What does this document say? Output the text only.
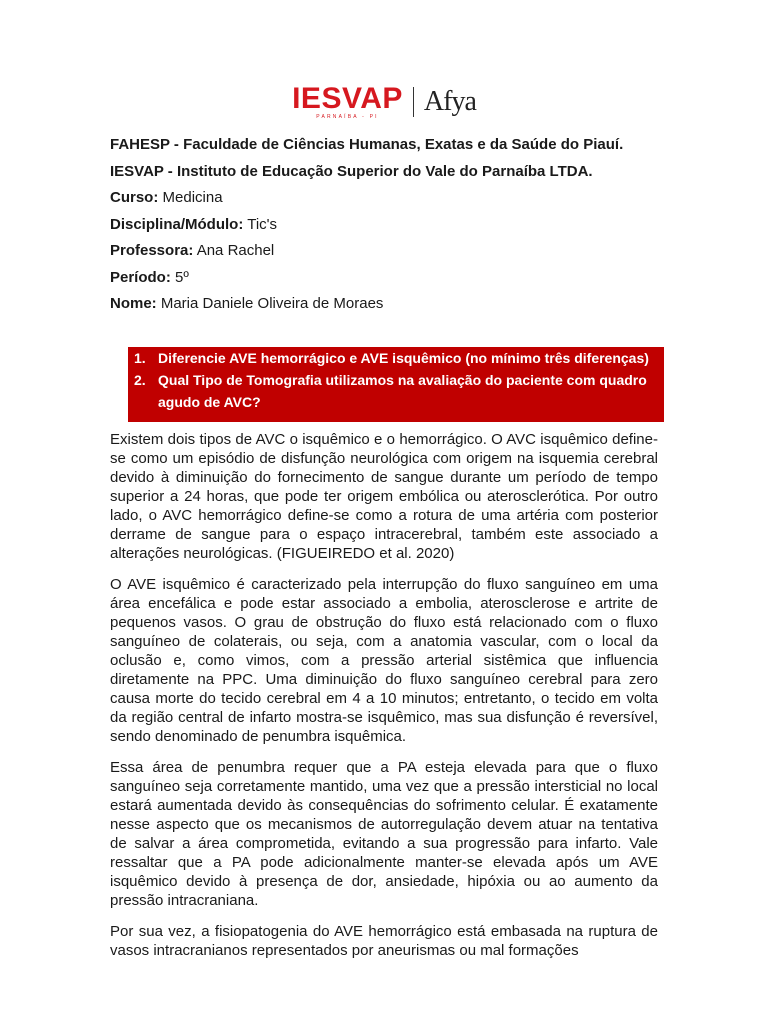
IESVAP
PARNAÍBA - PI Afya

FAHESP - Faculdade de Ciências Humanas, Exatas e da Saúde do Piauí.

IESVAP - Instituto de Educação Superior do Vale do Parnaíba LTDA.

Curso: Medicina

Disciplina/Módulo: Tic's

Professora: Ana Rachel

Período: 5º

Nome: Maria Daniele Oliveira de Moraes

1. Diferencie AVE hemorrágico e AVE isquêmico (no mínimo três diferenças)
2. Qual Tipo de Tomografia utilizamos na avaliação do paciente com quadro agudo de AVC?

Existem dois tipos de AVC o isquêmico e o hemorrágico. O AVC isquêmico define-se como um episódio de disfunção neurológica com origem na isquemia cerebral devido à diminuição do fornecimento de sangue durante um período de tempo superior a 24 horas, que pode ter origem embólica ou aterosclerótica. Por outro lado, o AVC hemorrágico define-se como a rotura de uma artéria com posterior derrame de sangue para o espaço intracerebral, também este associado a alterações neurológicas. (FIGUEIREDO et al. 2020)

O AVE isquêmico é caracterizado pela interrupção do fluxo sanguíneo em uma área encefálica e pode estar associado a embolia, aterosclerose e artrite de pequenos vasos. O grau de obstrução do fluxo está relacionado com o fluxo sanguíneo de colaterais, ou seja, com a anatomia vascular, com o local da oclusão e, como vimos, com a pressão arterial sistêmica que influencia diretamente na PPC. Uma diminuição do fluxo sanguíneo cerebral para zero causa morte do tecido cerebral em 4 a 10 minutos; entretanto, o tecido em volta da região central de infarto mostra-se isquêmico, mas sua disfunção é reversível, sendo denominado de penumbra isquêmica.

Essa área de penumbra requer que a PA esteja elevada para que o fluxo sanguíneo seja corretamente mantido, uma vez que a pressão intersticial no local estará aumentada devido às consequências do sofrimento celular. É exatamente nesse aspecto que os mecanismos de autorregulação devem atuar na tentativa de salvar a área comprometida, evitando a sua progressão para infarto. Vale ressaltar que a PA pode adicionalmente manter-se elevada após um AVE isquêmico devido à presença de dor, ansiedade, hipóxia ou ao aumento da pressão intracraniana.

Por sua vez, a fisiopatogenia do AVE hemorrágico está embasada na ruptura de vasos intracranianos representados por aneurismas ou mal formações
